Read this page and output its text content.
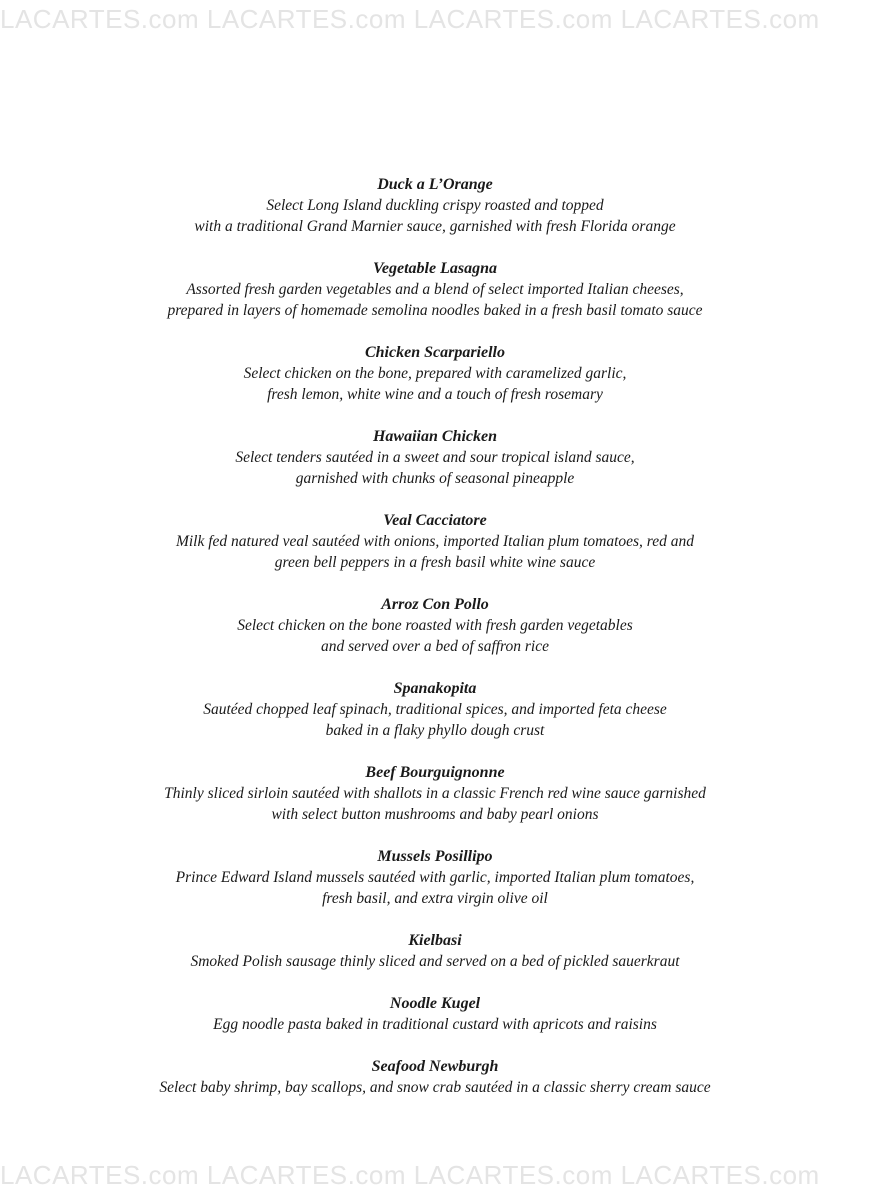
LACARTES.com LACARTES.com LACARTES.com LACARTES.com

Duck a L’Orange

Select Long Island duckling crispy roasted and topped

with a traditional Grand Marnier sauce, garnished with fresh Florida orange

Vegetable Lasagna

Assorted fresh garden vegetables and a blend of select imported Italian cheeses,

prepared in layers of homemade semolina noodles baked in a fresh basil tomato sauce

Chicken Scarpariello

Select chicken on the bone, prepared with caramelized garlic,

fresh lemon, white wine and a touch of fresh rosemary

Hawaiian Chicken

Select tenders sautéed in a sweet and sour tropical island sauce,

garnished with chunks of seasonal pineapple

Veal Cacciatore

Milk fed natured veal sautéed with onions, imported Italian plum tomatoes, red and

green bell peppers in a fresh basil white wine sauce

Arroz Con Pollo

Select chicken on the bone roasted with fresh garden vegetables

and served over a bed of saffron rice

Spanakopita

Sautéed chopped leaf spinach, traditional spices, and imported feta cheese

baked in a flaky phyllo dough crust

Beef Bourguignonne

Thinly sliced sirloin sautéed with shallots in a classic French red wine sauce garnished

with select button mushrooms and baby pearl onions

Mussels Posillipo

Prince Edward Island mussels sautéed with garlic, imported Italian plum tomatoes,

fresh basil, and extra virgin olive oil

Kielbasi

Smoked Polish sausage thinly sliced and served on a bed of pickled sauerkraut

Noodle Kugel

Egg noodle pasta baked in traditional custard with apricots and raisins

Seafood Newburgh

Select baby shrimp, bay scallops, and snow crab sautéed in a classic sherry cream sauce

LACARTES.com LACARTES.com LACARTES.com LACARTES.com
